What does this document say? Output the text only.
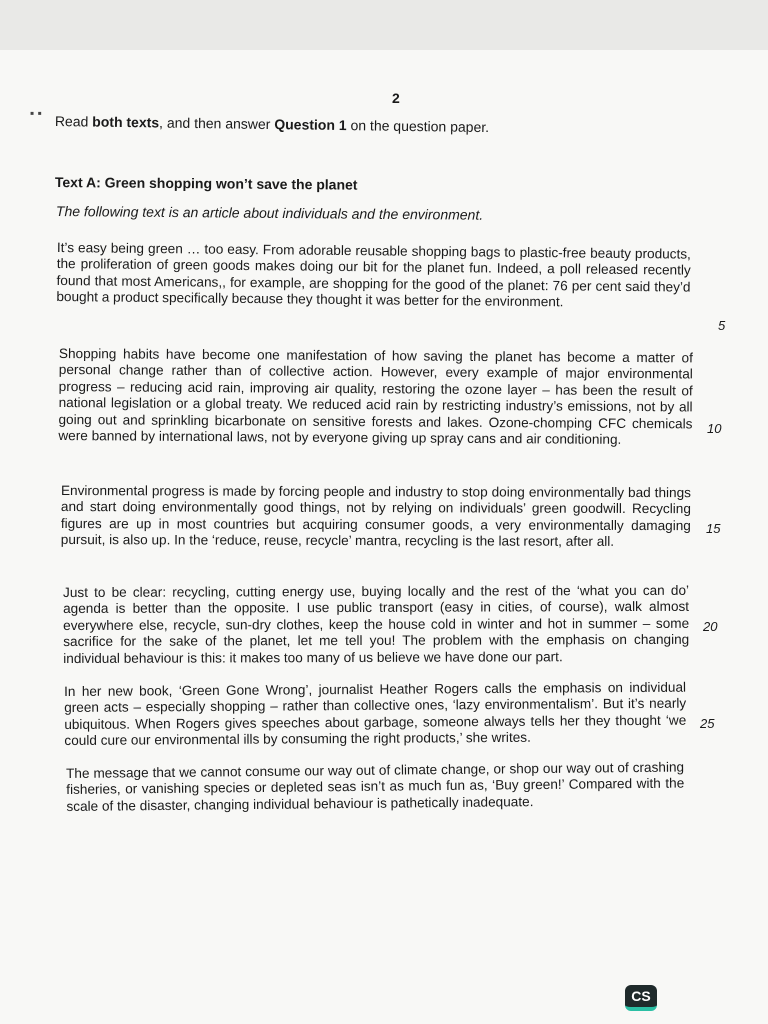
2
▪ ▪ Read both texts, and then answer Question 1 on the question paper.
Text A: Green shopping won’t save the planet
The following text is an article about individuals and the environment.
It’s easy being green … too easy. From adorable reusable shopping bags to plastic-free beauty products, the proliferation of green goods makes doing our bit for the planet fun. Indeed, a poll released recently found that most Americans,, for example, are shopping for the good of the planet: 76 per cent said they’d bought a product specifically because they thought it was better for the environment.
Shopping habits have become one manifestation of how saving the planet has become a matter of personal change rather than of collective action. However, every example of major environmental progress – reducing acid rain, improving air quality, restoring the ozone layer – has been the result of national legislation or a global treaty. We reduced acid rain by restricting industry’s emissions, not by all going out and sprinkling bicarbonate on sensitive forests and lakes. Ozone-chomping CFC chemicals were banned by international laws, not by everyone giving up spray cans and air conditioning.
Environmental progress is made by forcing people and industry to stop doing environmentally bad things and start doing environmentally good things, not by relying on individuals’ green goodwill. Recycling figures are up in most countries but acquiring consumer goods, a very environmentally damaging pursuit, is also up. In the ‘reduce, reuse, recycle’ mantra, recycling is the last resort, after all.
Just to be clear: recycling, cutting energy use, buying locally and the rest of the ‘what you can do’ agenda is better than the opposite. I use public transport (easy in cities, of course), walk almost everywhere else, recycle, sun-dry clothes, keep the house cold in winter and hot in summer – some sacrifice for the sake of the planet, let me tell you! The problem with the emphasis on changing individual behaviour is this: it makes too many of us believe we have done our part.
In her new book, ‘Green Gone Wrong’, journalist Heather Rogers calls the emphasis on individual green acts – especially shopping – rather than collective ones, ‘lazy environmentalism’. But it’s nearly ubiquitous. When Rogers gives speeches about garbage, someone always tells her they thought ‘we could cure our environmental ills by consuming the right products,’ she writes.
The message that we cannot consume our way out of climate change, or shop our way out of crashing fisheries, or vanishing species or depleted seas isn’t as much fun as, ‘Buy green!’ Compared with the scale of the disaster, changing individual behaviour is pathetically inadequate.
5
10
15
20
25
CS
